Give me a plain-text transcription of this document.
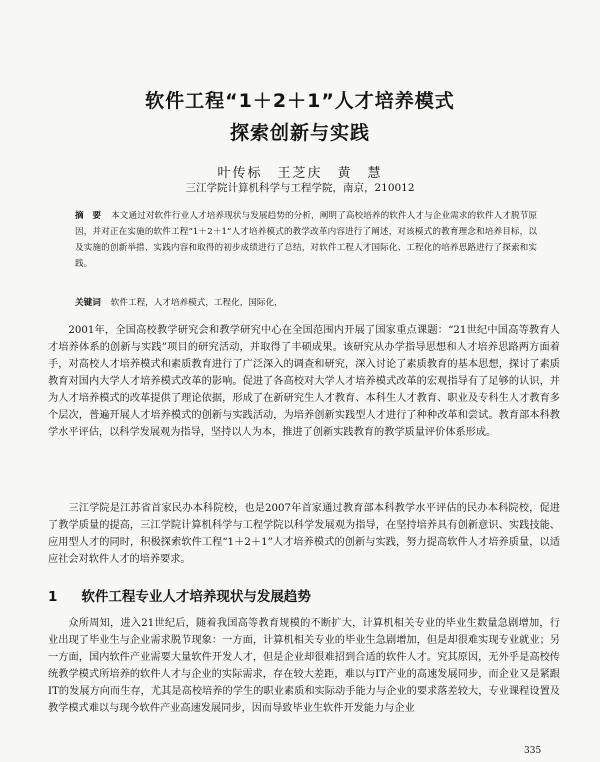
软件工程“1＋2＋1”人才培养模式
探索创新与实践

叶传标　王芝庆　黄　慧

三江学院计算机科学与工程学院，南京，210012

摘　要 本文通过对软件行业人才培养现状与发展趋势的分析，阐明了高校培养的软件人才与企业需求的软件人才脱节原因，并对正在实施的软件工程“1＋2＋1”人才培养模式的教学改革内容进行了阐述，对该模式的教育理念和培养目标，以及实施的创新举措、实践内容和取得的初步成绩进行了总结，对软件工程人才国际化、工程化的培养思路进行了探索和实践。

关键词 软件工程，人才培养模式，工程化，国际化，

2001年，全国高校教学研究会和教学研究中心在全国范围内开展了国家重点课题：“21世纪中国高等教育人才培养体系的创新与实践”项目的研究活动，并取得了丰硕成果。该研究从办学指导思想和人才培养思路两方面着手，对高校人才培养模式和素质教育进行了广泛深入的调查和研究，深入讨论了素质教育的基本思想，探讨了素质教育对国内大学人才培养模式改革的影响。促进了各高校对大学人才培养模式改革的宏观指导有了足够的认识，并为人才培养模式的改革提供了理论依据，形成了在新研究生人才教育、本科生人才教育、职业及专科生人才教育多个层次，普遍开展人才培养模式的创新与实践活动，为培养创新实践型人才进行了种种改革和尝试。教育部本科教学水平评估，以科学发展观为指导，坚持以人为本，推进了创新实践教育的教学质量评价体系形成。

三江学院是江苏省首家民办本科院校，也是2007年首家通过教育部本科教学水平评估的民办本科院校，促进了教学质量的提高，三江学院计算机科学与工程学院以科学发展观为指导，在坚持培养具有创新意识、实践技能、应用型人才的同时，积极探索软件工程“1＋2＋1”人才培养模式的创新与实践，努力提高软件人才培养质量，以适应社会对软件人才的培养要求。

1 软件工程专业人才培养现状与发展趋势

众所周知，进入21世纪后，随着我国高等教育规模的不断扩大，计算机相关专业的毕业生数量急剧增加，行业出现了毕业生与企业需求脱节现象：一方面，计算机相关专业的毕业生急剧增加，但是却很难实现专业就业；另一方面，国内软件产业需要大量软件开发人才，但是企业却很难招到合适的软件人才。究其原因，无外乎是高校传统教学模式所培养的软件人才与企业的实际需求，存在较大差距，难以与IT产业的高速发展同步，而企业又是紧跟IT的发展方向而生存，尤其是高校培养的学生的职业素质和实际动手能力与企业的要求落差较大，专业课程设置及教学模式难以与现今软件产业高速发展同步，因而导致毕业生软件开发能力与企业

335
